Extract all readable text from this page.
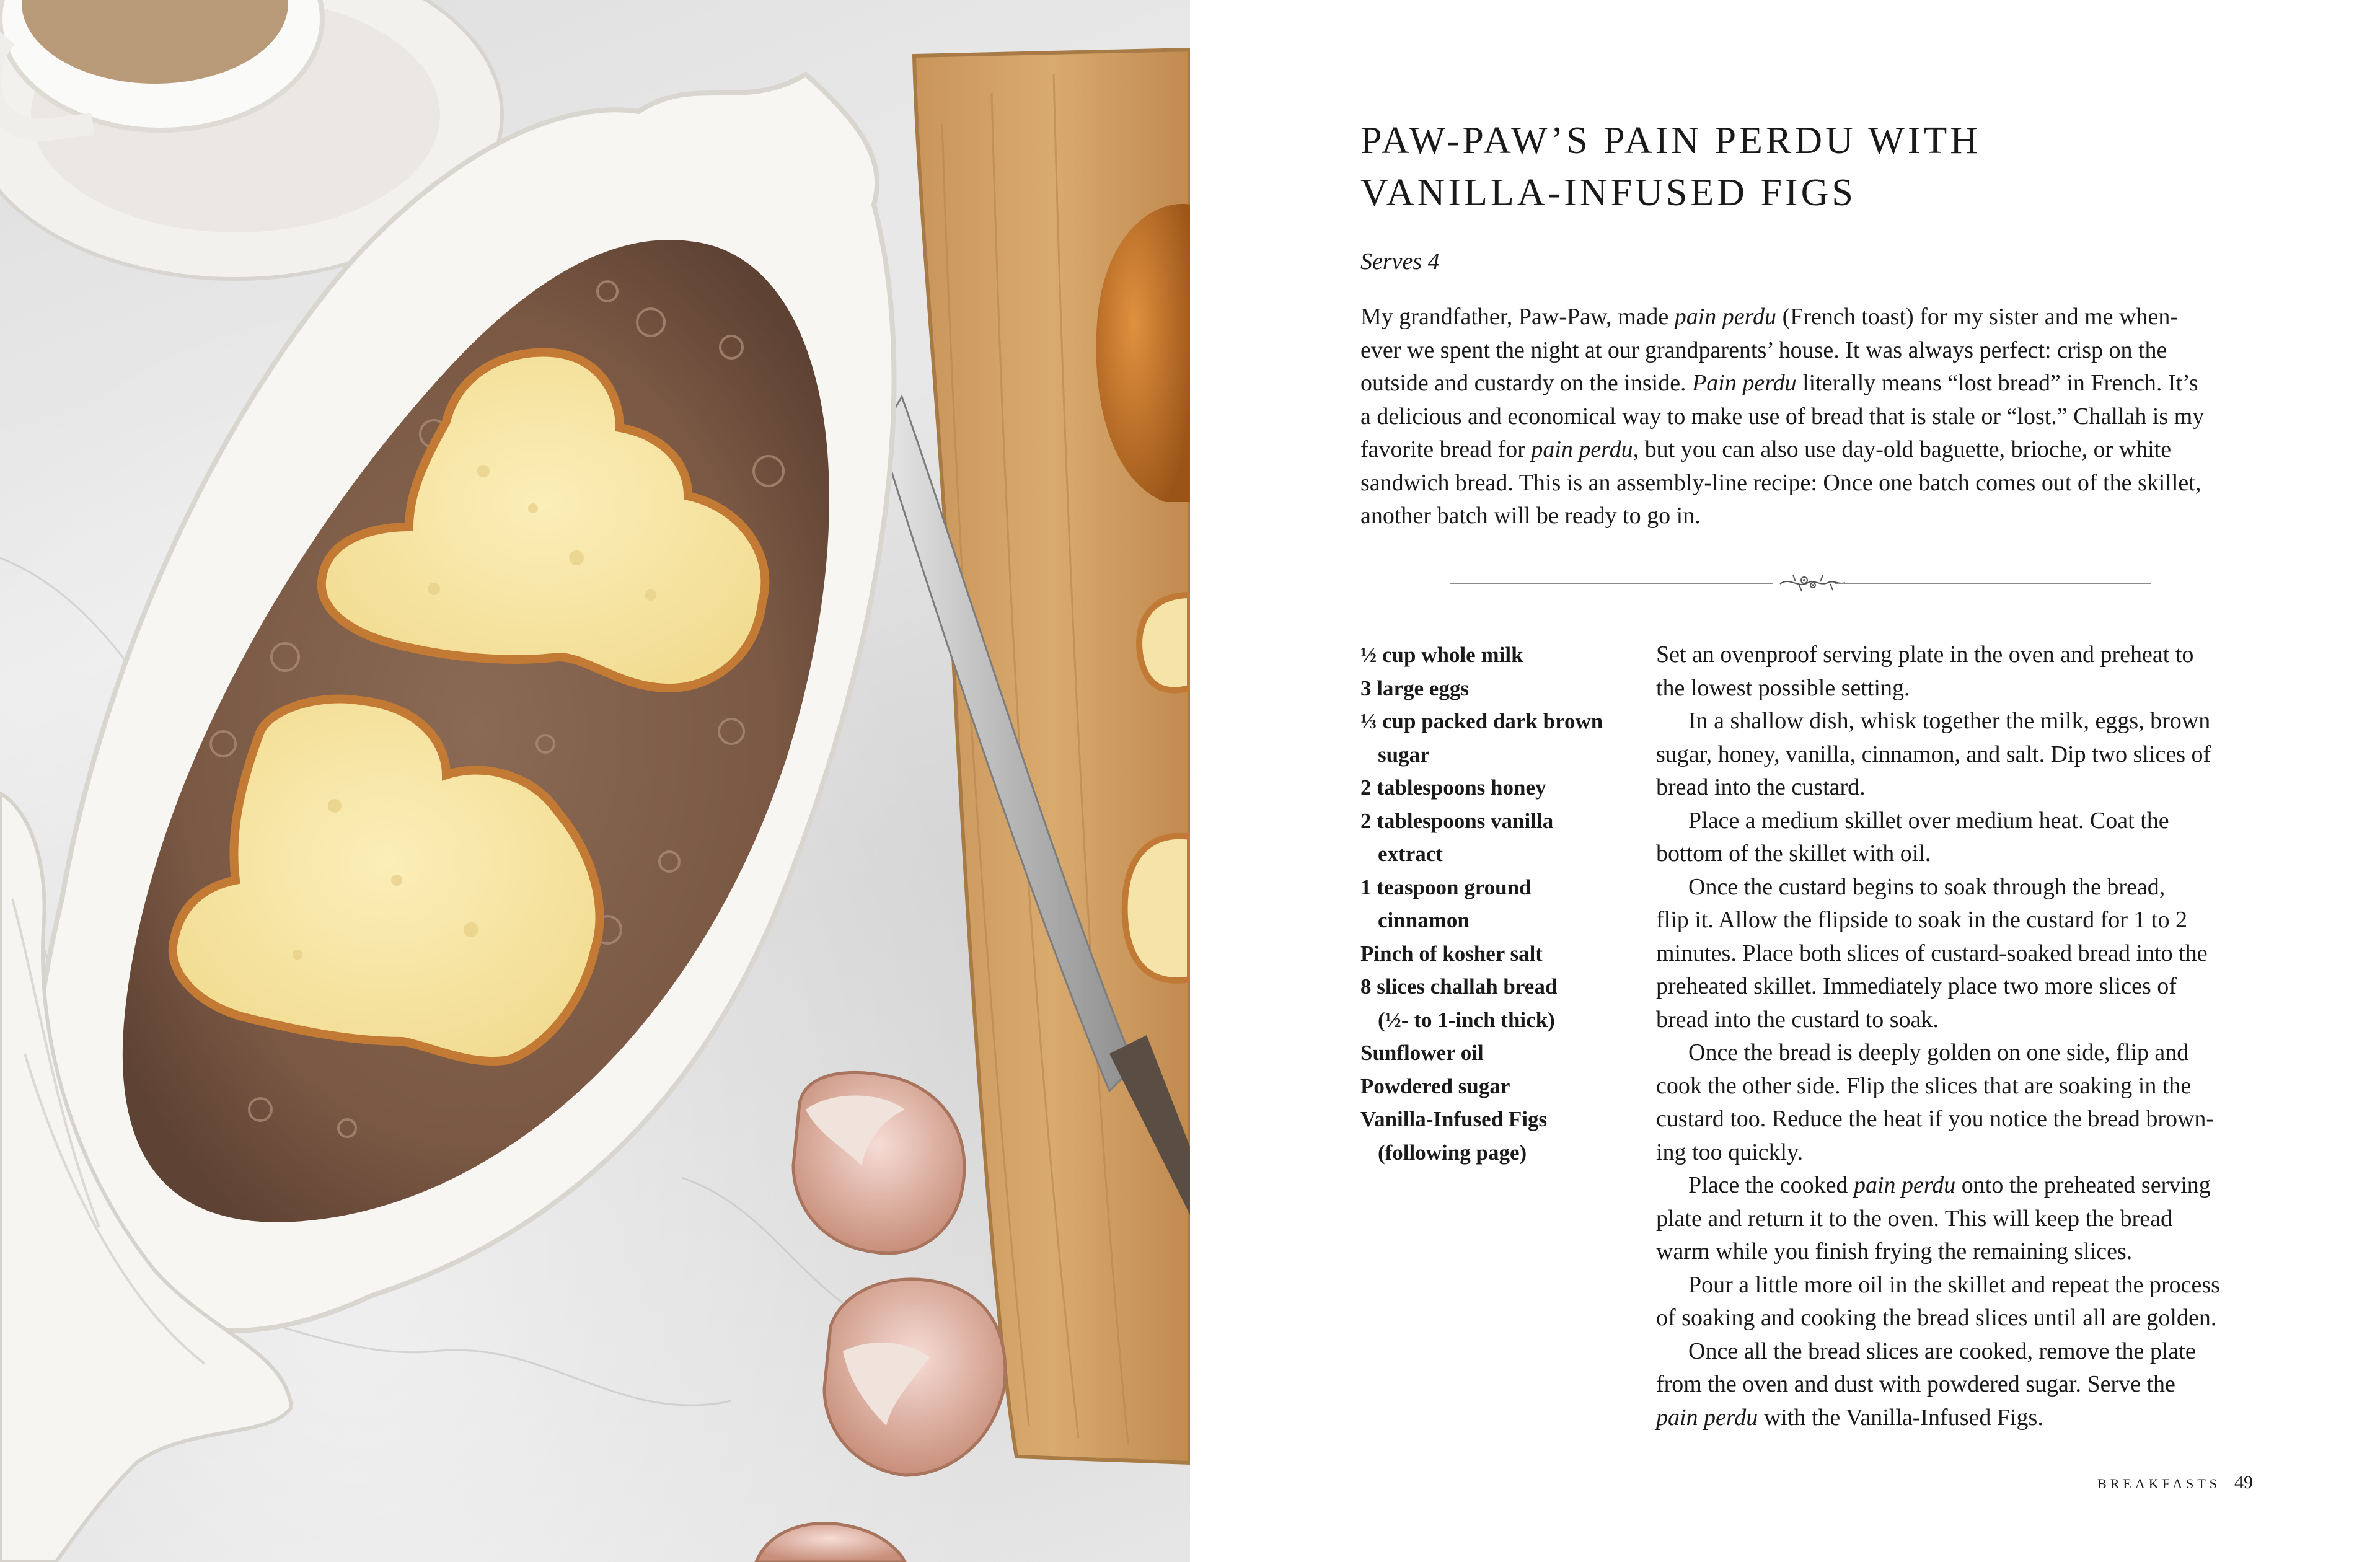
PAW-PAW’S PAIN PERDU WITH
VANILLA-INFUSED FIGS
Serves 4
My grandfather, Paw-Paw, made pain perdu (French toast) for my sister and me when-
ever we spent the night at our grandparents’ house. It was always perfect: crisp on the
outside and custardy on the inside. Pain perdu literally means “lost bread” in French. It’s
a delicious and economical way to make use of bread that is stale or “lost.” Challah is my
favorite bread for pain perdu, but you can also use day-old baguette, brioche, or white
sandwich bread. This is an assembly-line recipe: Once one batch comes out of the skillet,
another batch will be ready to go in.
½ cup whole milk
3 large eggs
⅓ cup packed dark brown
sugar
2 tablespoons honey
2 tablespoons vanilla
extract
1 teaspoon ground
cinnamon
Pinch of kosher salt
8 slices challah bread
(½- to 1-inch thick)
Sunflower oil
Powdered sugar
Vanilla-Infused Figs
(following page)
Set an ovenproof serving plate in the oven and preheat to
the lowest possible setting.
In a shallow dish, whisk together the milk, eggs, brown
sugar, honey, vanilla, cinnamon, and salt. Dip two slices of
bread into the custard.
Place a medium skillet over medium heat. Coat the
bottom of the skillet with oil.
Once the custard begins to soak through the bread,
flip it. Allow the flipside to soak in the custard for 1 to 2
minutes. Place both slices of custard-soaked bread into the
preheated skillet. Immediately place two more slices of
bread into the custard to soak.
Once the bread is deeply golden on one side, flip and
cook the other side. Flip the slices that are soaking in the
custard too. Reduce the heat if you notice the bread brown-
ing too quickly.
Place the cooked pain perdu onto the preheated serving
plate and return it to the oven. This will keep the bread
warm while you finish frying the remaining slices.
Pour a little more oil in the skillet and repeat the process
of soaking and cooking the bread slices until all are golden.
Once all the bread slices are cooked, remove the plate
from the oven and dust with powdered sugar. Serve the
pain perdu with the Vanilla-Infused Figs.
BREAKFASTS 49
